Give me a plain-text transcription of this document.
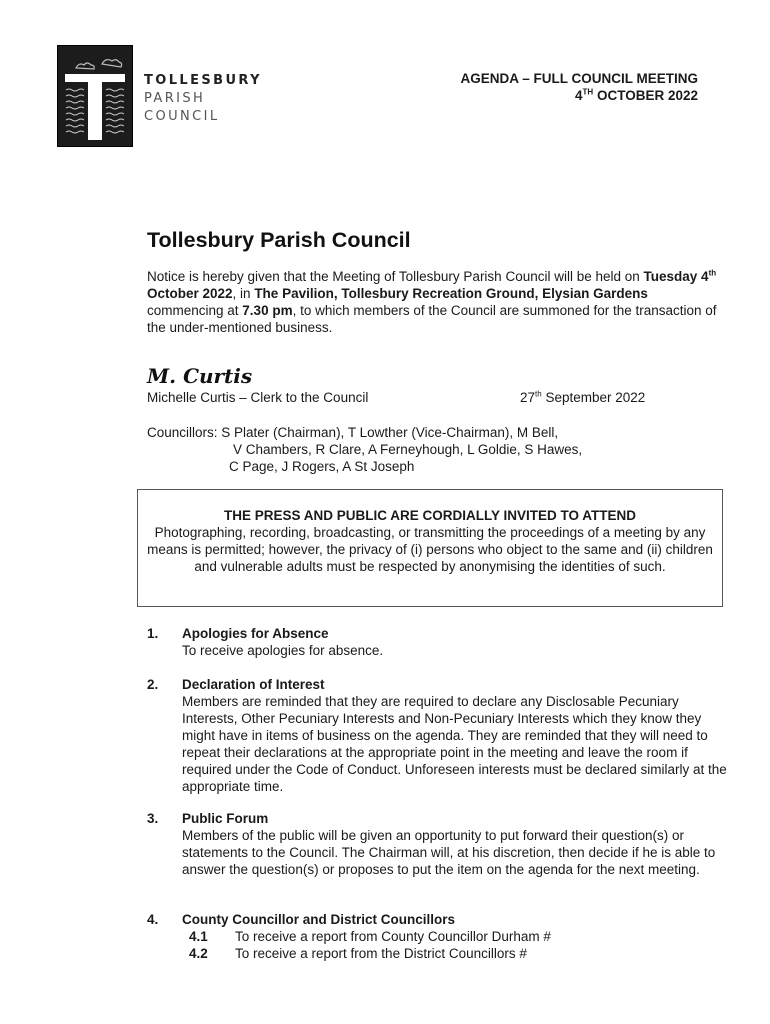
TOLLESBURY
PARISH
COUNCIL
AGENDA – FULL COUNCIL MEETING
4TH OCTOBER 2022
Tollesbury Parish Council

Notice is hereby given that the Meeting of Tollesbury Parish Council will be held on Tuesday 4th October 2022, in The Pavilion, Tollesbury Recreation Ground, Elysian Gardens commencing at 7.30 pm, to which members of the Council are summoned for the transaction of the under-mentioned business.

M. Curtis
Michelle Curtis – Clerk to the Council	27th September 2022
Councillors: S Plater (Chairman), T Lowther (Vice-Chairman), M Bell,
V Chambers, R Clare, A Ferneyhough, L Goldie, S Hawes,
C Page, J Rogers, A St Joseph
THE PRESS AND PUBLIC ARE CORDIALLY INVITED TO ATTEND
Photographing, recording, broadcasting, or transmitting the proceedings of a meeting by any means is permitted; however, the privacy of (i) persons who object to the same and (ii) children and vulnerable adults must be respected by anonymising the identities of such.
1. Apologies for Absence
To receive apologies for absence.
2. Declaration of Interest
Members are reminded that they are required to declare any Disclosable Pecuniary Interests, Other Pecuniary Interests and Non-Pecuniary Interests which they know they might have in items of business on the agenda. They are reminded that they will need to repeat their declarations at the appropriate point in the meeting and leave the room if required under the Code of Conduct. Unforeseen interests must be declared similarly at the appropriate time.
3. Public Forum
Members of the public will be given an opportunity to put forward their question(s) or statements to the Council. The Chairman will, at his discretion, then decide if he is able to answer the question(s) or proposes to put the item on the agenda for the next meeting.
4. County Councillor and District Councillors
4.1 To receive a report from County Councillor Durham #
4.2 To receive a report from the District Councillors #
